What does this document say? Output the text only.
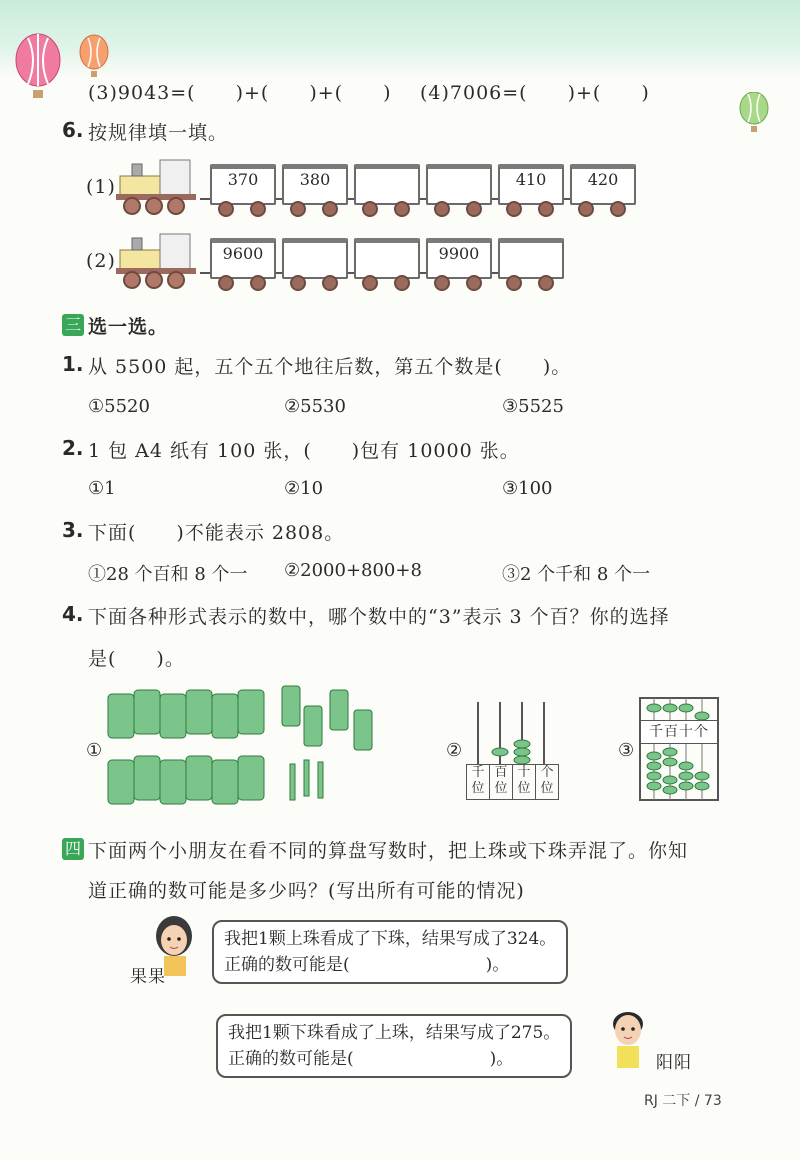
(3)9043=(　　)+(　　)+(　　) (4)7006=(　　)+(　　)
6. 按规律填一填。
(1)	370	380	410	420
(2)	9600	9900
三 选一选。
1. 从 5500 起，五个五个地往后数，第五个数是(　　)。
①5520	②5530	③5525
2. 1 包 A4 纸有 100 张，(　　)包有 10000 张。
①1	②10	③100
3. 下面(　　)不能表示 2808。
①28 个百和 8 个一 ②2000+800+8	③2 个千和 8 个一
4. 下面各种形式表示的数中，哪个数中的“3”表示 3 个百？你的选择
是(　　)。
①	②
千位
百位
十位
个位
③
千百十个
四 下面两个小朋友在看不同的算盘写数时，把上珠或下珠弄混了。你知
道正确的数可能是多少吗？(写出所有可能的情况)
果果
我把1颗上珠看成了下珠，结果写成了324。
正确的数可能是(　　　　　　　　)。
我把1颗下珠看成了上珠，结果写成了275。
正确的数可能是(　　　　　　　　)。	阳阳
RJ 二下 / 73
